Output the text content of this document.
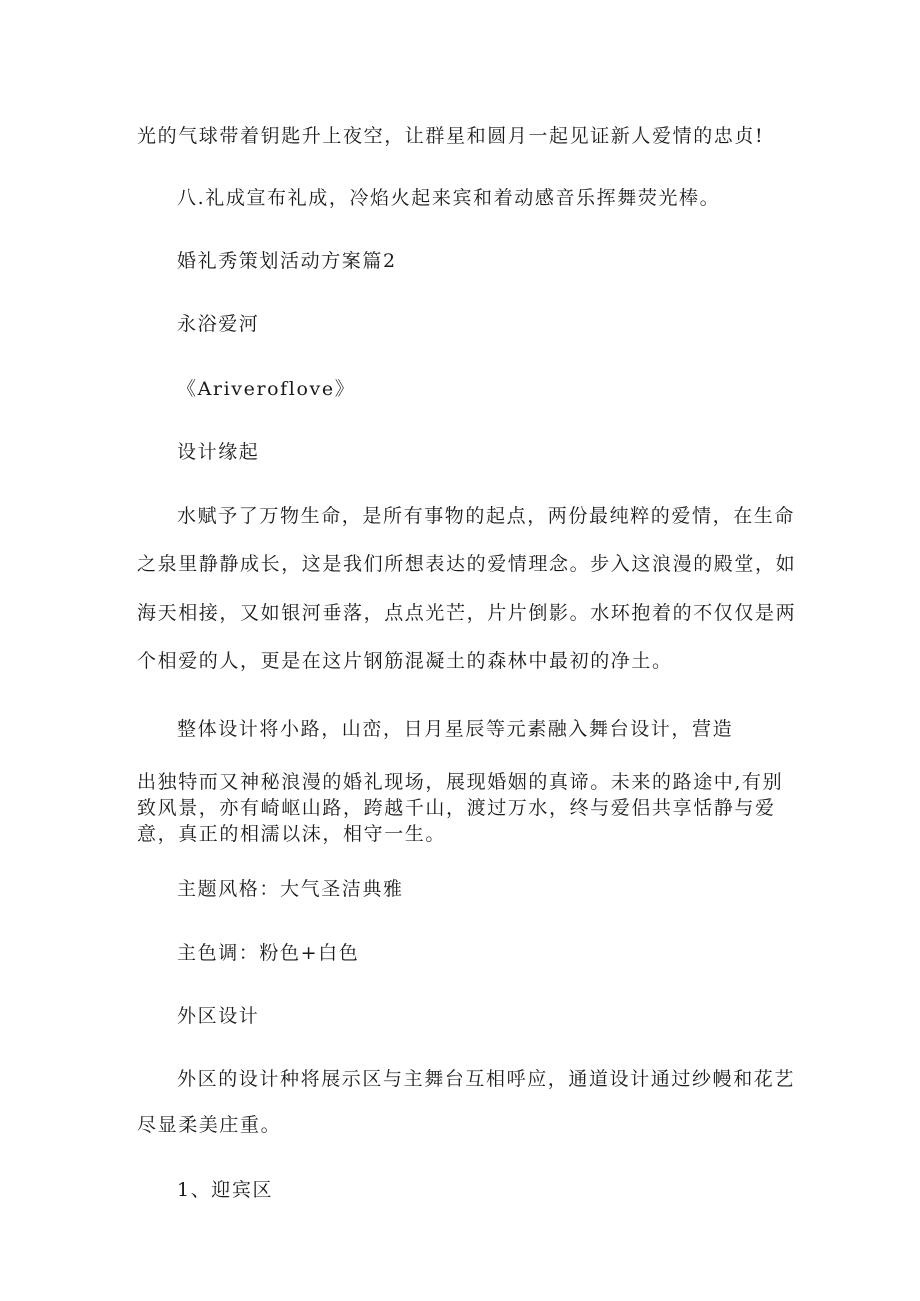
光的气球带着钥匙升上夜空，让群星和圆月一起见证新人爱情的忠贞!
八.礼成宣布礼成，冷焰火起来宾和着动感音乐挥舞荧光棒。
婚礼秀策划活动方案篇2
永浴爱河
《Ariveroflove》
设计缘起
水赋予了万物生命，是所有事物的起点，两份最纯粹的爱情，在生命
之泉里静静成长，这是我们所想表达的爱情理念。步入这浪漫的殿堂，如
海天相接，又如银河垂落，点点光芒，片片倒影。水环抱着的不仅仅是两
个相爱的人，更是在这片钢筋混凝土的森林中最初的净土。
整体设计将小路，山峦，日月星辰等元素融入舞台设计，营造
出独特而又神秘浪漫的婚礼现场，展现婚姻的真谛。未来的路途中,有别
致风景，亦有崎岖山路，跨越千山，渡过万水，终与爱侣共享恬静与爱
意，真正的相濡以沫，相守一生。
主题风格：大气圣洁典雅
主色调：粉色+白色
外区设计
外区的设计种将展示区与主舞台互相呼应，通道设计通过纱幔和花艺
尽显柔美庄重。
1、迎宾区
